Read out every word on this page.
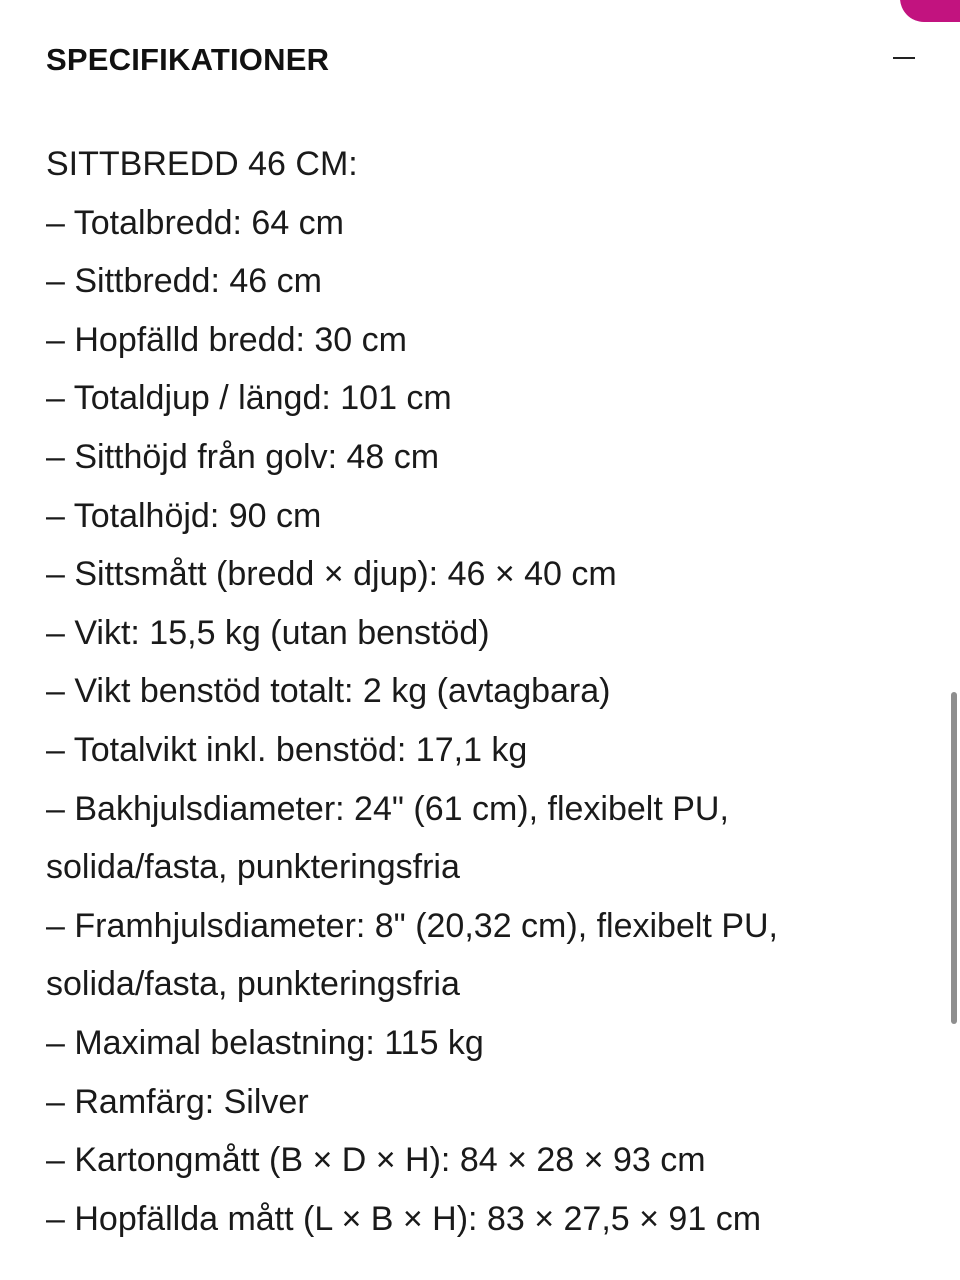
SPECIFIKATIONER
SITTBREDD 46 CM:
– Totalbredd: 64 cm
– Sittbredd: 46 cm
– Hopfälld bredd: 30 cm
– Totaldjup / längd: 101 cm
– Sitthöjd från golv: 48 cm
– Totalhöjd: 90 cm
– Sittsmått (bredd × djup): 46 × 40 cm
– Vikt: 15,5 kg (utan benstöd)
– Vikt benstöd totalt: 2 kg (avtagbara)
– Totalvikt inkl. benstöd: 17,1 kg
– Bakhjulsdiameter: 24" (61 cm), flexibelt PU,
solida/fasta, punkteringsfria
– Framhjulsdiameter: 8" (20,32 cm), flexibelt PU,
solida/fasta, punkteringsfria
– Maximal belastning: 115 kg
– Ramfärg: Silver
– Kartongmått (B × D × H): 84 × 28 × 93 cm
– Hopfällda mått (L × B × H): 83 × 27,5 × 91 cm
